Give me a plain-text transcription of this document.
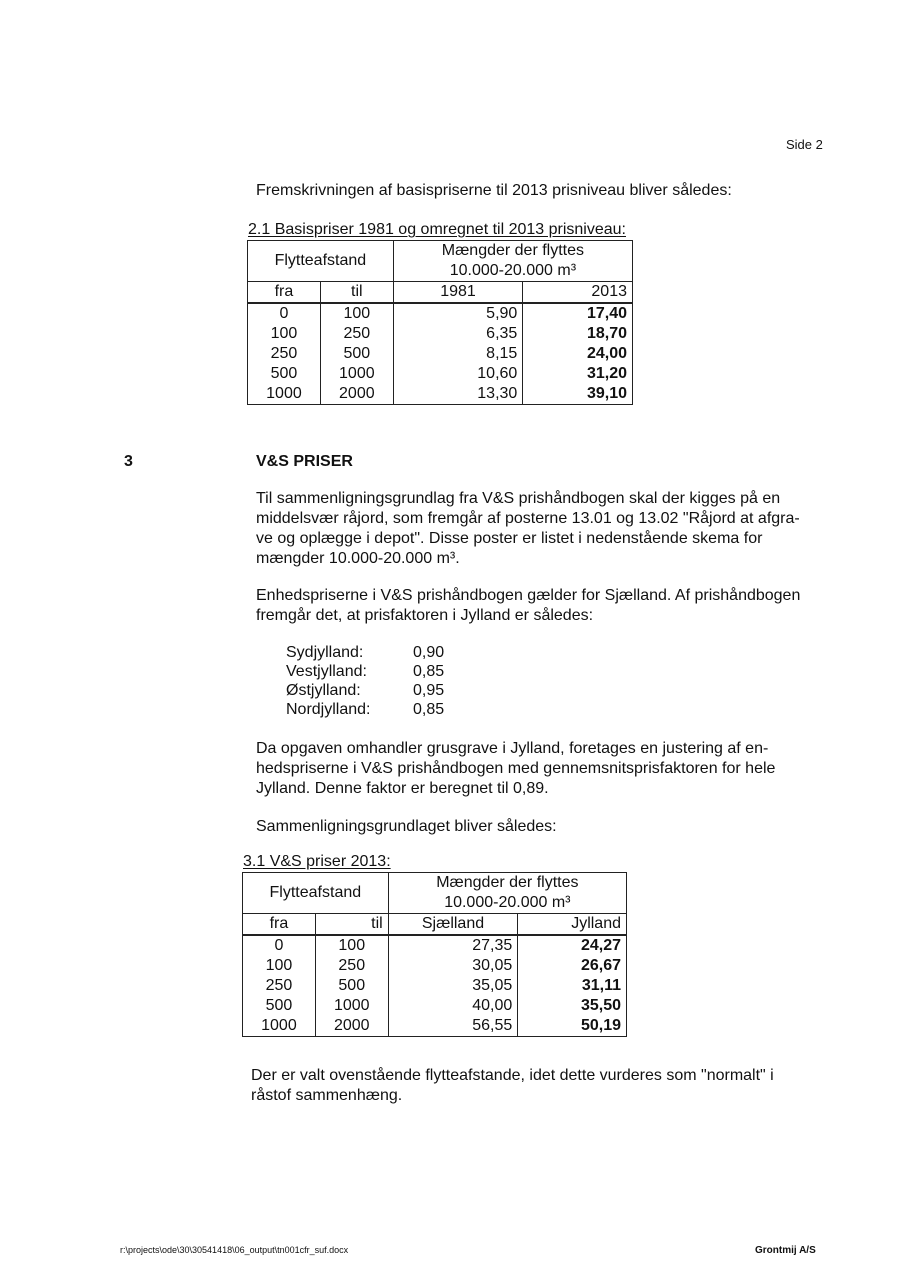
Side 2
Fremskrivningen af basispriserne til 2013 prisniveau bliver således:
2.1 Basispriser 1981 og omregnet til 2013 prisniveau:
Flytteafstand		Mængder der flyttes
10.000-20.000 m³	

fra	til	1981	2013
0	100	5,90	17,40
100	250	6,35	18,70
250	500	8,15	24,00
500	1000	10,60	31,20
1000	2000	13,30	39,10
3	V&S PRISER
Til sammenligningsgrundlag fra V&S prishåndbogen skal der kigges på en
middelsvær råjord, som fremgår af posterne 13.01 og 13.02 "Råjord at afgra-
ve og oplægge i depot". Disse poster er listet i nedenstående skema for
mængder 10.000-20.000 m³.
Enhedspriserne i V&S prishåndbogen gælder for Sjælland. Af prishåndbogen
fremgår det, at prisfaktoren i Jylland er således:
Sydjylland:	0,90
Vestjylland:	0,85
Østjylland:	0,95
Nordjylland:	0,85
Da opgaven omhandler grusgrave i Jylland, foretages en justering af en-
hedspriserne i V&S prishåndbogen med gennemsnitsprisfaktoren for hele
Jylland. Denne faktor er beregnet til 0,89.
Sammenligningsgrundlaget bliver således:
3.1 V&S priser 2013:
Flytteafstand		Mængder der flyttes
10.000-20.000 m³	

fra	til	Sjælland	Jylland
0	100	27,35	24,27
100	250	30,05	26,67
250	500	35,05	31,11
500	1000	40,00	35,50
1000	2000	56,55	50,19
Der er valt ovenstående flytteafstande, idet dette vurderes som "normalt" i
råstof sammenhæng.
r:\projects\ode\30\30541418\06_output\tn001cfr_suf.docx	Grontmij A/S
